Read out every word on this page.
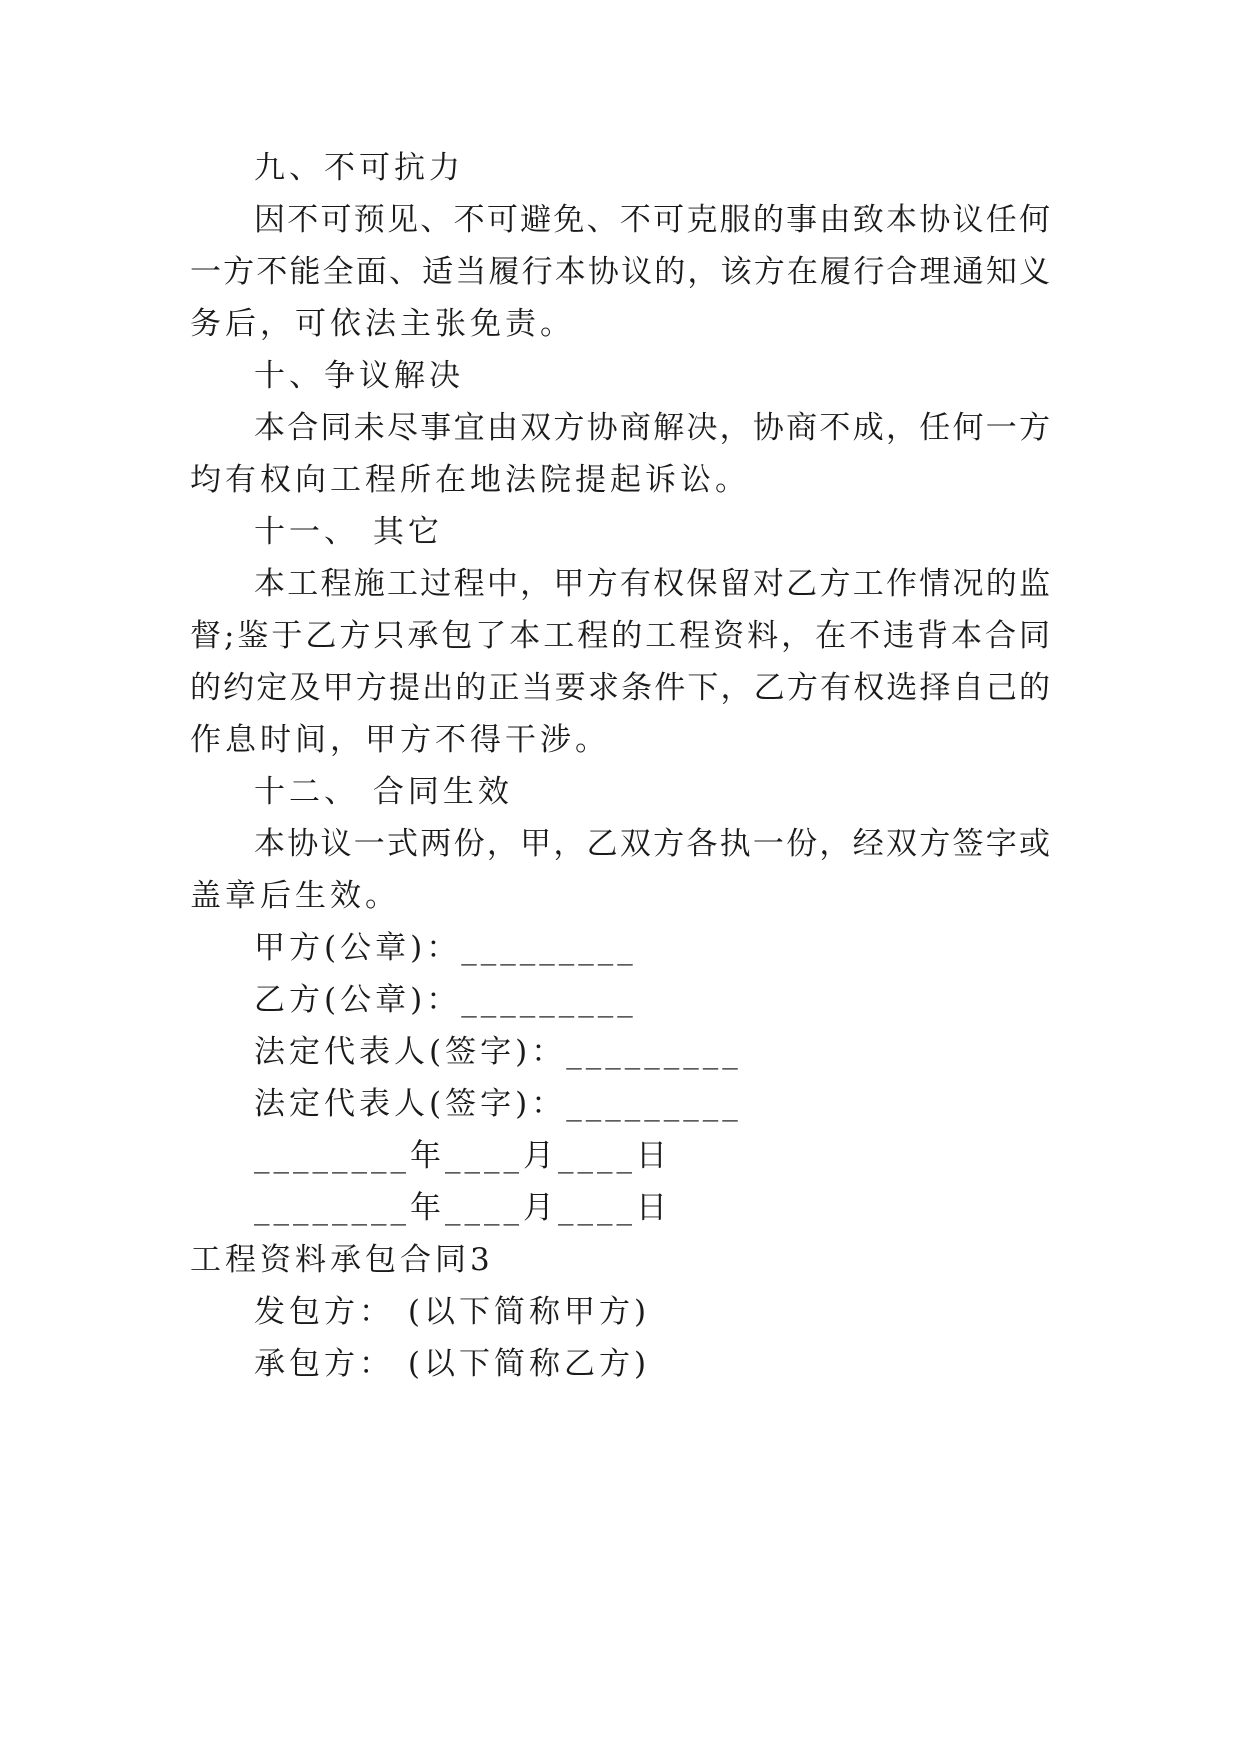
九、不可抗力
因不可预见、不可避免、不可克服的事由致本协议任何
一方不能全面、适当履行本协议的，该方在履行合理通知义
务后，可依法主张免责。
十、争议解决
本合同未尽事宜由双方协商解决，协商不成，任何一方
均有权向工程所在地法院提起诉讼。
十一、 其它
本工程施工过程中，甲方有权保留对乙方工作情况的监
督;鉴于乙方只承包了本工程的工程资料，在不违背本合同
的约定及甲方提出的正当要求条件下，乙方有权选择自己的
作息时间，甲方不得干涉。
十二、 合同生效
本协议一式两份，甲，乙双方各执一份，经双方签字或
盖章后生效。
甲方(公章)：_________
乙方(公章)：_________
法定代表人(签字)：_________
法定代表人(签字)：_________
________年____月____日
________年____月____日
工程资料承包合同3
发包方： (以下简称甲方)
承包方： (以下简称乙方)
